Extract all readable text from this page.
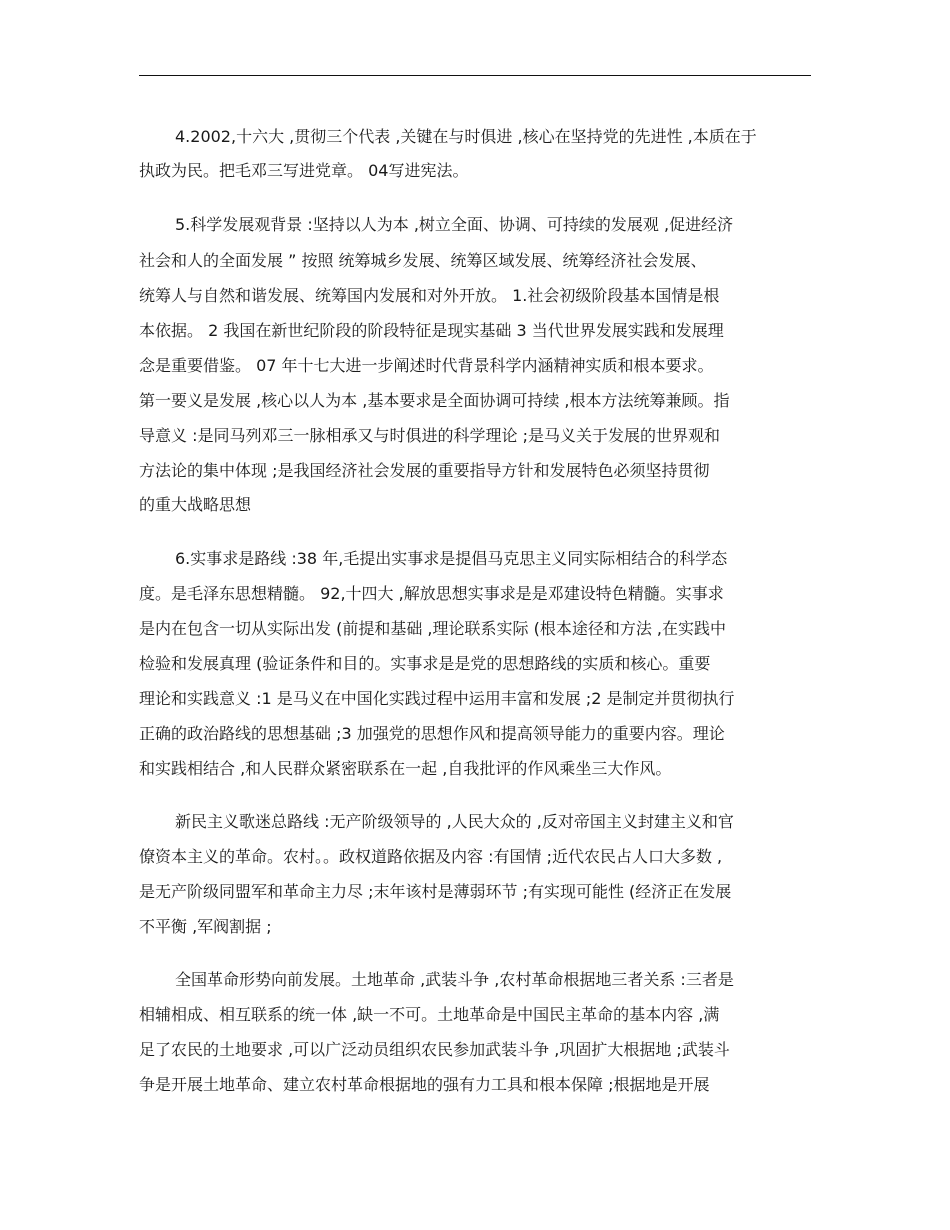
4.2002,十六大 ,贯彻三个代表 ,关键在与时俱进 ,核心在坚持党的先进性 ,本质在于
执政为民。把毛邓三写进党章。 04写进宪法。
5.科学发展观背景 :坚持以人为本 ,树立全面、协调、可持续的发展观 ,促进经济
社会和人的全面发展 ” 按照 统筹城乡发展、统筹区域发展、统筹经济社会发展、
统筹人与自然和谐发展、统筹国内发展和对外开放。 1.社会初级阶段基本国情是根
本依据。 2 我国在新世纪阶段的阶段特征是现实基础 3 当代世界发展实践和发展理
念是重要借鉴。 07 年十七大进一步阐述时代背景科学内涵精神实质和根本要求。
第一要义是发展 ,核心以人为本 ,基本要求是全面协调可持续 ,根本方法统筹兼顾。指
导意义 :是同马列邓三一脉相承又与时俱进的科学理论 ;是马义关于发展的世界观和
方法论的集中体现 ;是我国经济社会发展的重要指导方针和发展特色必须坚持贯彻
的重大战略思想
6.实事求是路线 :38 年,毛提出实事求是提倡马克思主义同实际相结合的科学态
度。是毛泽东思想精髓。 92,十四大 ,解放思想实事求是是邓建设特色精髓。实事求
是内在包含一切从实际出发 (前提和基础 ,理论联系实际 (根本途径和方法 ,在实践中
检验和发展真理 (验证条件和目的。实事求是是党的思想路线的实质和核心。重要
理论和实践意义 :1 是马义在中国化实践过程中运用丰富和发展 ;2 是制定并贯彻执行
正确的政治路线的思想基础 ;3 加强党的思想作风和提高领导能力的重要内容。理论
和实践相结合 ,和人民群众紧密联系在一起 ,自我批评的作风乘坐三大作风。
新民主义歌迷总路线 :无产阶级领导的 ,人民大众的 ,反对帝国主义封建主义和官
僚资本主义的革命。农村。。政权道路依据及内容 :有国情 ;近代农民占人口大多数 ,
是无产阶级同盟军和革命主力尽 ;末年该村是薄弱环节 ;有实现可能性 (经济正在发展
不平衡 ,军阀割据 ;
全国革命形势向前发展。土地革命 ,武装斗争 ,农村革命根据地三者关系 :三者是
相辅相成、相互联系的统一体 ,缺一不可。土地革命是中国民主革命的基本内容 ,满
足了农民的土地要求 ,可以广泛动员组织农民参加武装斗争 ,巩固扩大根据地 ;武装斗
争是开展土地革命、建立农村革命根据地的强有力工具和根本保障 ;根据地是开展
